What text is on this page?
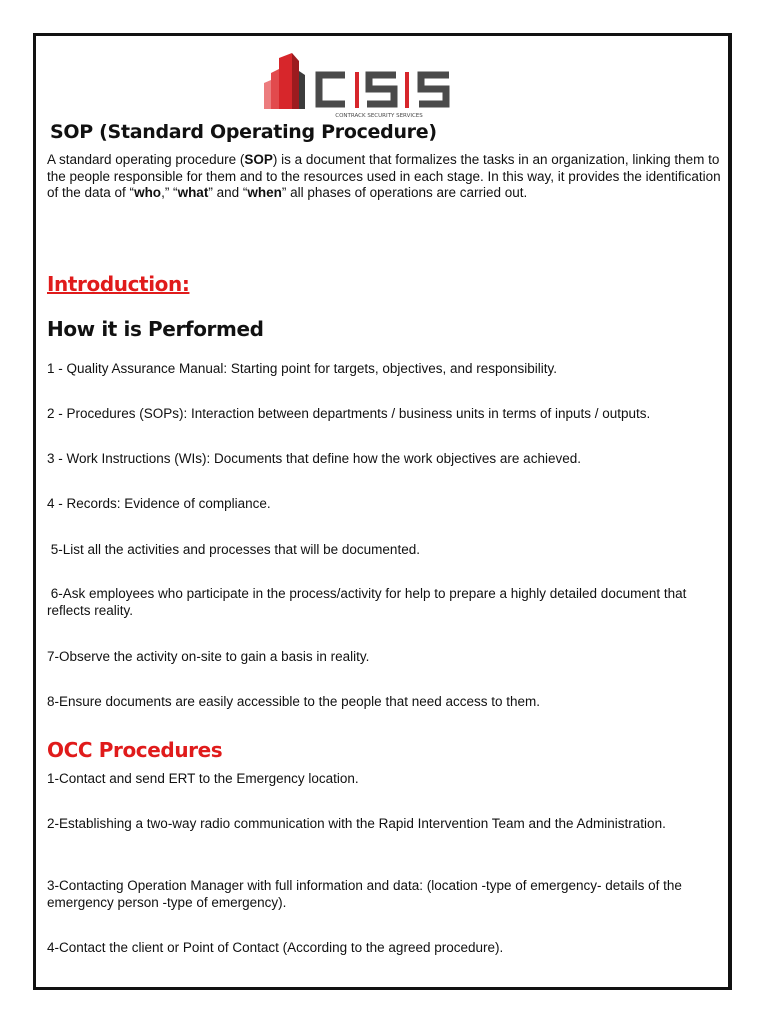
CONTRACK SECURITY SERVICES
SOP (Standard Operating Procedure)

A standard operating procedure (SOP) is a document that formalizes the tasks in an organization, linking them to the people responsible for them and to the resources used in each stage. In this way, it provides the identification of the data of “who,” “what” and “when” all phases of operations are carried out.

Introduction:
How it is Performed

1 - Quality Assurance Manual: Starting point for targets, objectives, and responsibility.

2 - Procedures (SOPs): Interaction between departments / business units in terms of inputs / outputs.

3 - Work Instructions (WIs): Documents that define how the work objectives are achieved.

4 - Records: Evidence of compliance.

5-List all the activities and processes that will be documented.

6-Ask employees who participate in the process/activity for help to prepare a highly detailed document that reflects reality.

7-Observe the activity on-site to gain a basis in reality.

8-Ensure documents are easily accessible to the people that need access to them.

OCC Procedures

1-Contact and send ERT to the Emergency location.

2-Establishing a two-way radio communication with the Rapid Intervention Team and the Administration.

3-Contacting Operation Manager with full information and data: (location -type of emergency- details of the emergency person -type of emergency).

4-Contact the client or Point of Contact (According to the agreed procedure).
